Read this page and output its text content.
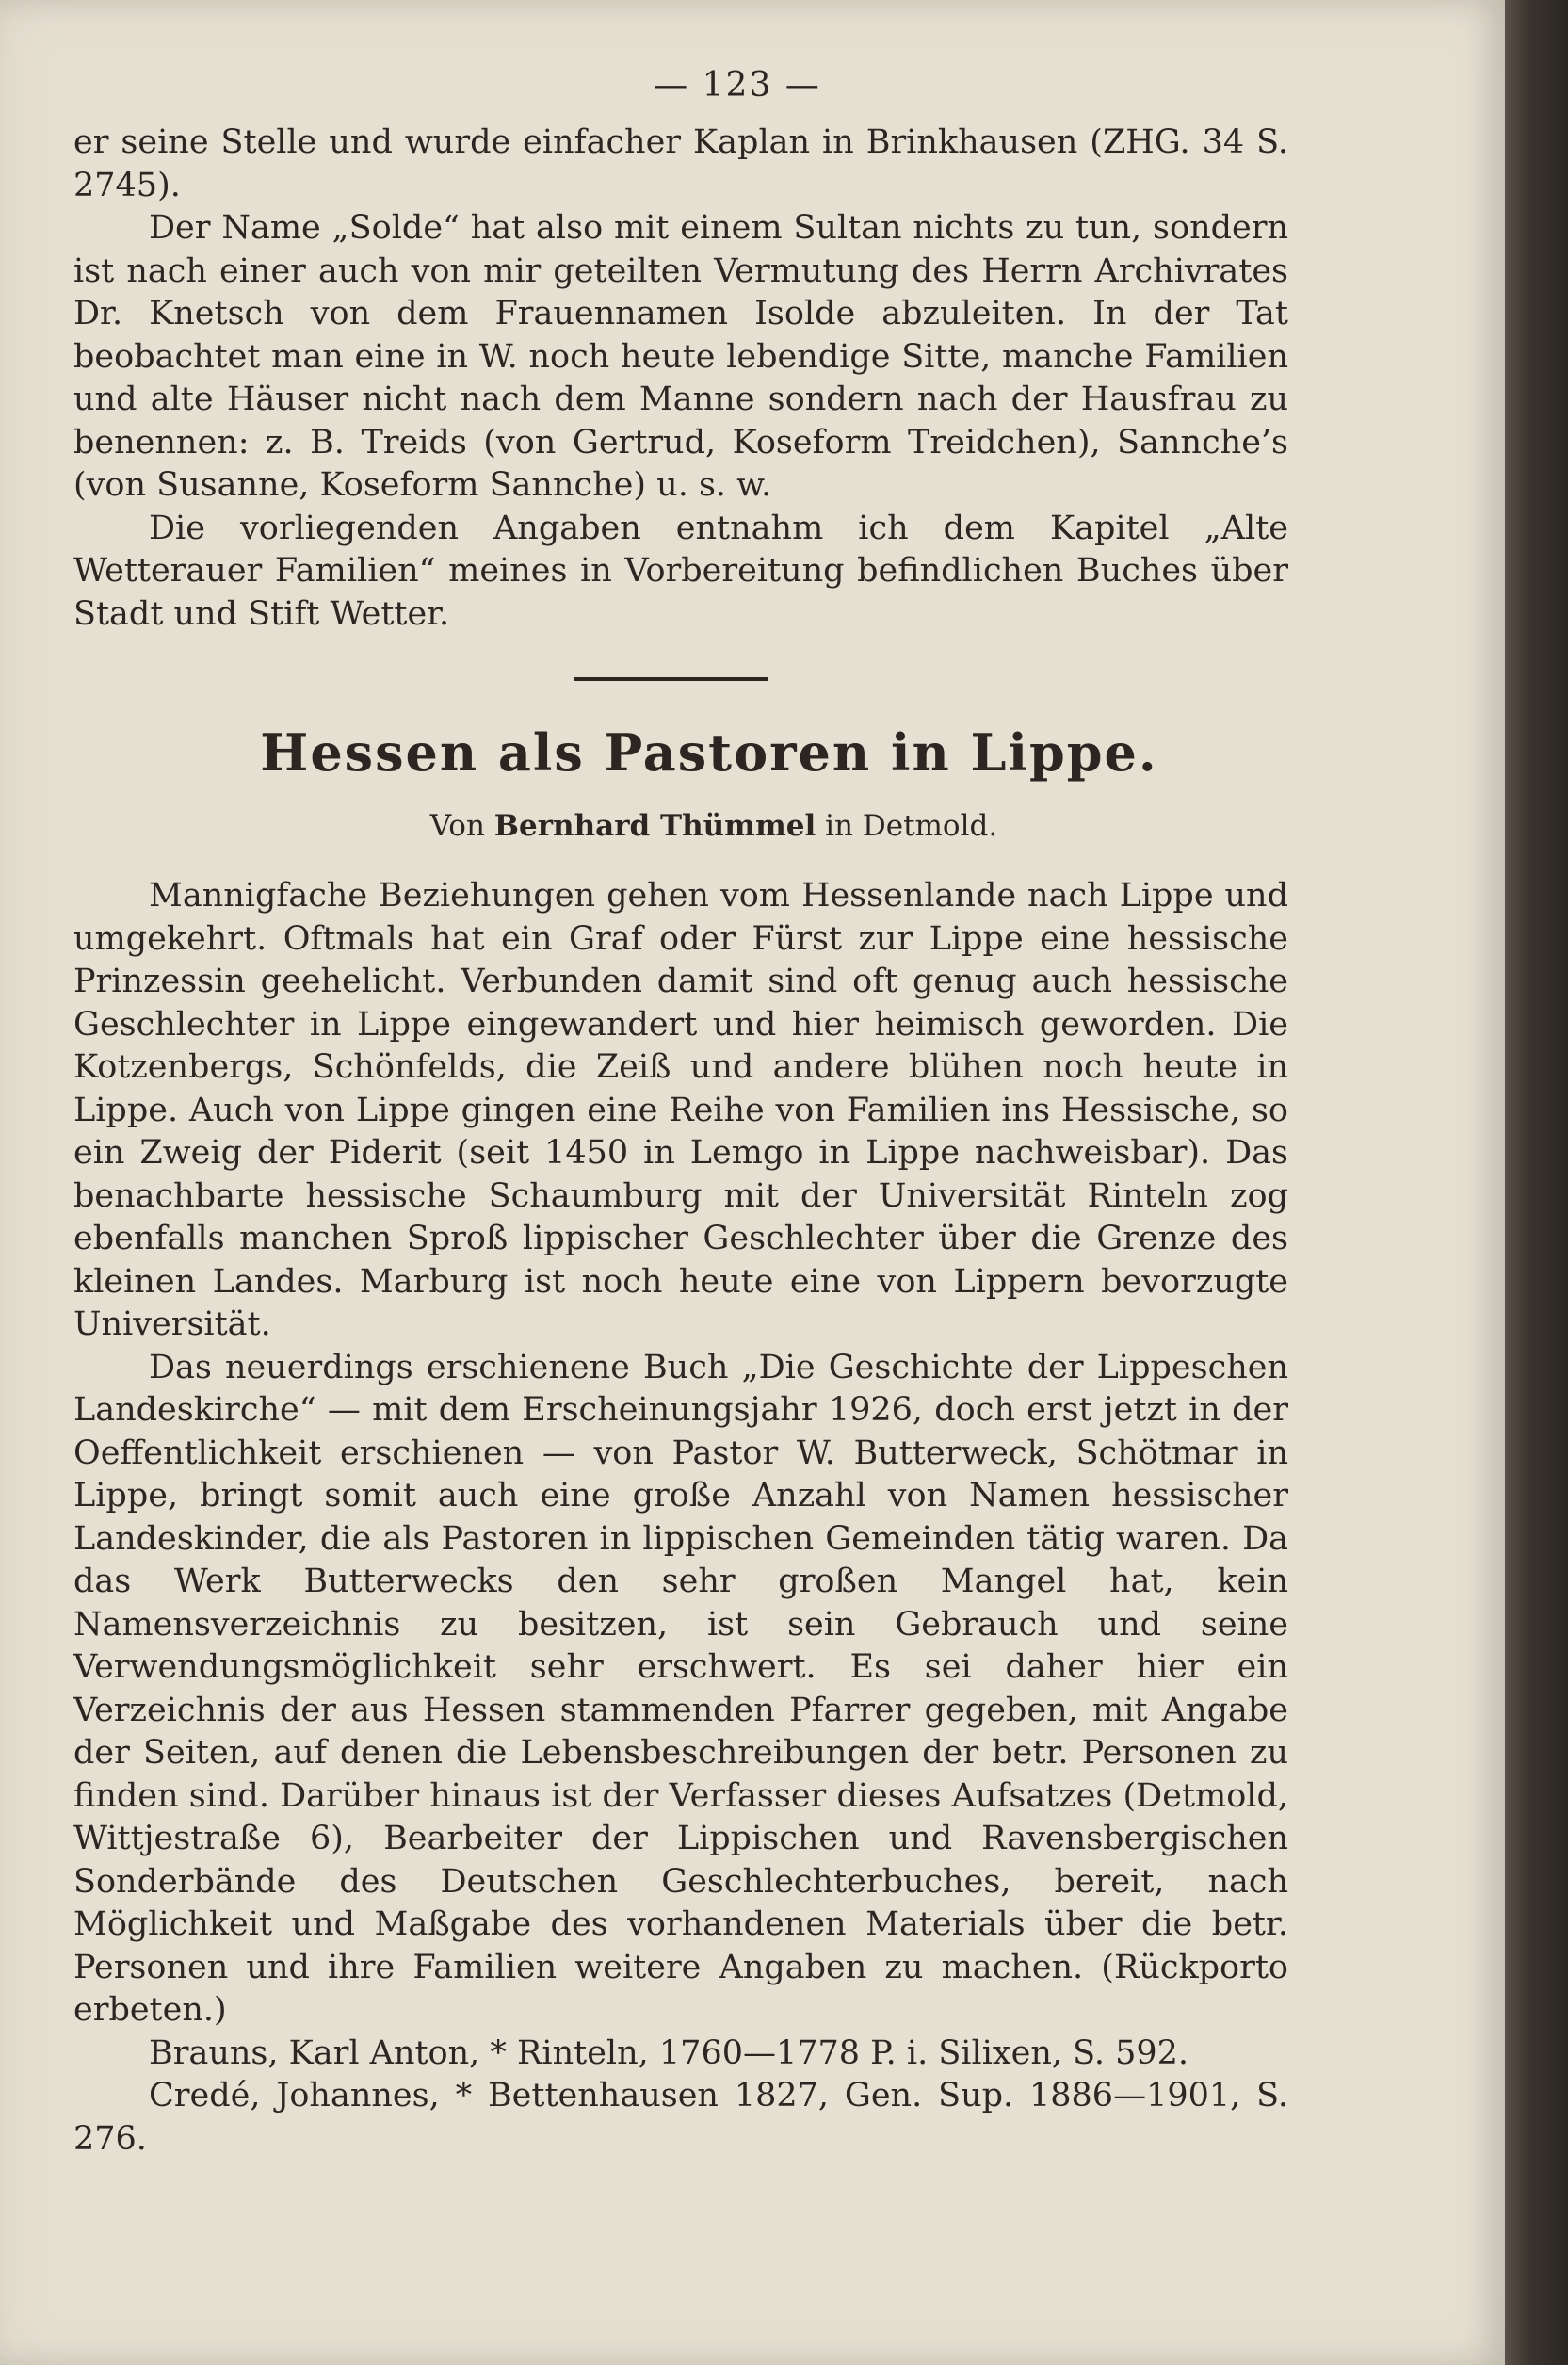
— 123 —

er seine Stelle und wurde einfacher Kaplan in Brinkhausen (ZHG. 34 S. 2745).

Der Name „Solde“ hat also mit einem Sultan nichts zu tun, sondern ist nach einer auch von mir geteilten Vermutung des Herrn Archivrates Dr. Knetsch von dem Frauennamen Isolde abzuleiten. In der Tat beobachtet man eine in W. noch heute lebendige Sitte, manche Familien und alte Häuser nicht nach dem Manne sondern nach der Hausfrau zu benennen: z. B. Treids (von Gertrud, Koseform Treidchen), Sannche’s (von Susanne, Koseform Sannche) u. s. w.

Die vorliegenden Angaben entnahm ich dem Kapitel „Alte Wetterauer Familien“ meines in Vorbereitung befindlichen Buches über Stadt und Stift Wetter.

Hessen als Pastoren in Lippe.
Von Bernhard Thümmel in Detmold.

Mannigfache Beziehungen gehen vom Hessenlande nach Lippe und umgekehrt. Oftmals hat ein Graf oder Fürst zur Lippe eine hessische Prinzessin geehelicht. Verbunden damit sind oft genug auch hessische Geschlechter in Lippe eingewandert und hier heimisch geworden. Die Kotzenbergs, Schönfelds, die Zeiß und andere blühen noch heute in Lippe. Auch von Lippe gingen eine Reihe von Familien ins Hessische, so ein Zweig der Piderit (seit 1450 in Lemgo in Lippe nachweisbar). Das benachbarte hessische Schaumburg mit der Universität Rinteln zog ebenfalls manchen Sproß lippischer Geschlechter über die Grenze des kleinen Landes. Marburg ist noch heute eine von Lippern bevorzugte Universität.

Das neuerdings erschienene Buch „Die Geschichte der Lippeschen Landeskirche“ — mit dem Erscheinungsjahr 1926, doch erst jetzt in der Oeffentlichkeit erschienen — von Pastor W. Butterweck, Schötmar in Lippe, bringt somit auch eine große Anzahl von Namen hessischer Landeskinder, die als Pastoren in lippischen Gemeinden tätig waren. Da das Werk Butterwecks den sehr großen Mangel hat, kein Namensverzeichnis zu besitzen, ist sein Gebrauch und seine Verwendungsmöglichkeit sehr erschwert. Es sei daher hier ein Verzeichnis der aus Hessen stammenden Pfarrer gegeben, mit Angabe der Seiten, auf denen die Lebensbeschreibungen der betr. Personen zu finden sind. Darüber hinaus ist der Verfasser dieses Aufsatzes (Detmold, Wittjestraße 6), Bearbeiter der Lippischen und Ravensbergischen Sonderbände des Deutschen Geschlechterbuches, bereit, nach Möglichkeit und Maßgabe des vorhandenen Materials über die betr. Personen und ihre Familien weitere Angaben zu machen. (Rückporto erbeten.)

Brauns, Karl Anton, * Rinteln, 1760—1778 P. i. Silixen, S. 592.

Credé, Johannes, * Bettenhausen 1827, Gen. Sup. 1886—1901, S. 276.
